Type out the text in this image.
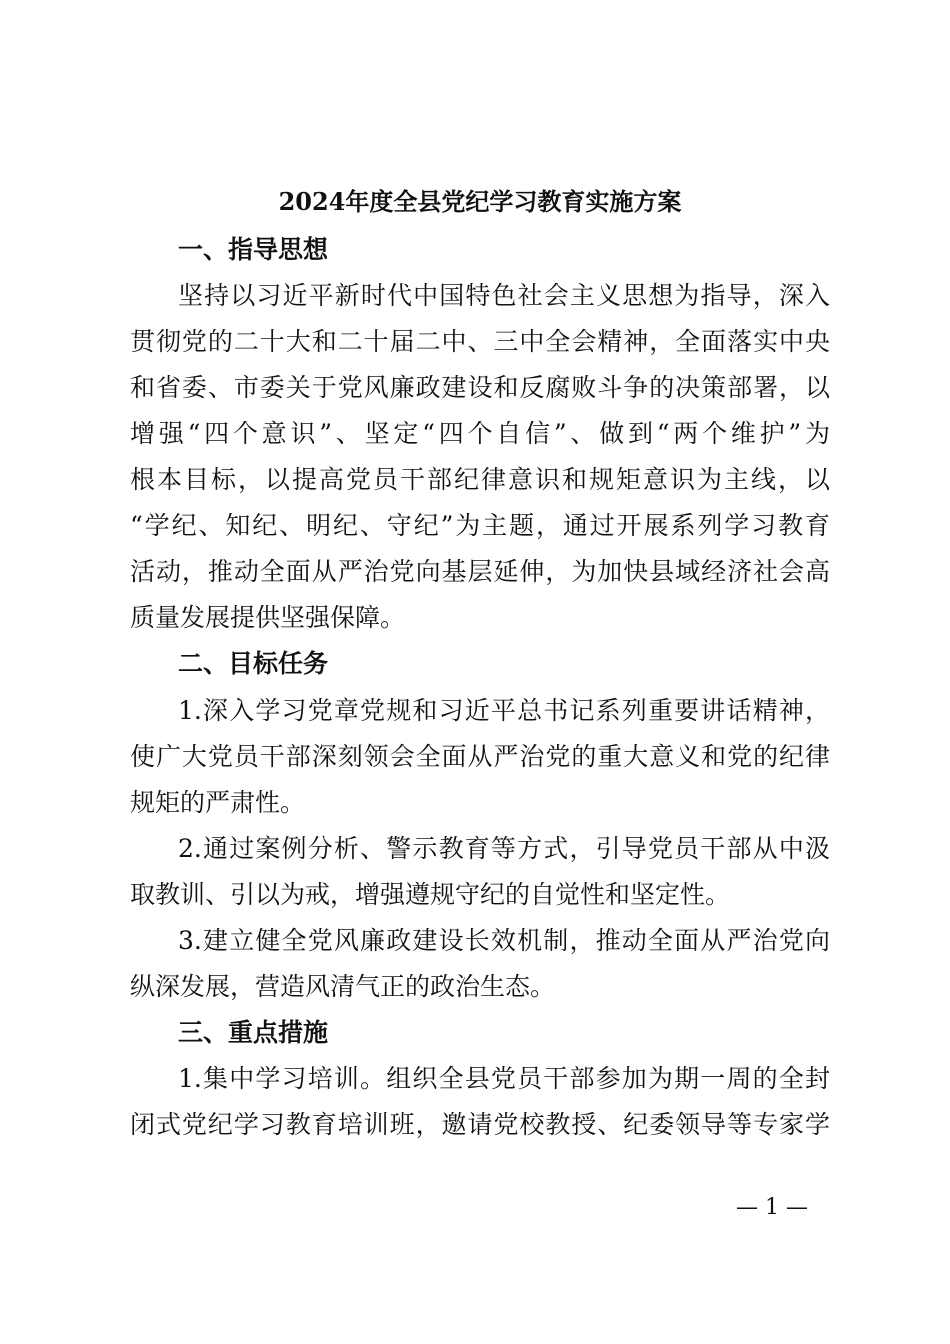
2024年度全县党纪学习教育实施方案
一、指导思想
坚持以习近平新时代中国特色社会主义思想为指导，深入
贯彻党的二十大和二十届二中、三中全会精神，全面落实中央
和省委、市委关于党风廉政建设和反腐败斗争的决策部署，以
增强“四个意识”、坚定“四个自信”、做到“两个维护”为
根本目标，以提高党员干部纪律意识和规矩意识为主线，以
“学纪、知纪、明纪、守纪”为主题，通过开展系列学习教育
活动，推动全面从严治党向基层延伸，为加快县域经济社会高
质量发展提供坚强保障。
二、目标任务
1.深入学习党章党规和习近平总书记系列重要讲话精神，
使广大党员干部深刻领会全面从严治党的重大意义和党的纪律
规矩的严肃性。
2.通过案例分析、警示教育等方式，引导党员干部从中汲
取教训、引以为戒，增强遵规守纪的自觉性和坚定性。
3.建立健全党风廉政建设长效机制，推动全面从严治党向
纵深发展，营造风清气正的政治生态。
三、重点措施
1.集中学习培训。组织全县党员干部参加为期一周的全封
闭式党纪学习教育培训班，邀请党校教授、纪委领导等专家学
— 1 —
